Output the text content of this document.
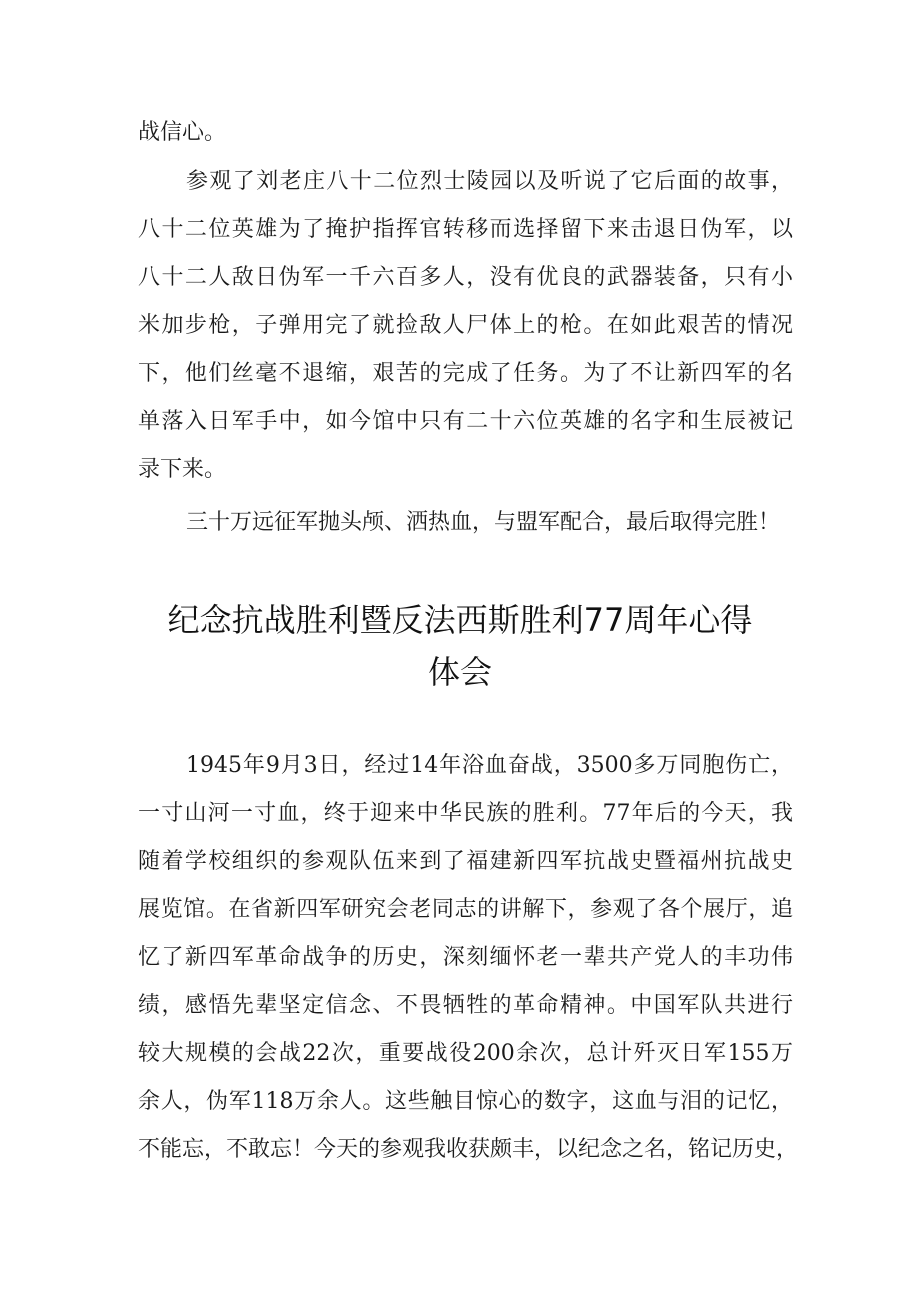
战信心。
参观了刘老庄八十二位烈士陵园以及听说了它后面的故事，
八十二位英雄为了掩护指挥官转移而选择留下来击退日伪军，以
八十二人敌日伪军一千六百多人，没有优良的武器装备，只有小
米加步枪，子弹用完了就捡敌人尸体上的枪。在如此艰苦的情况
下，他们丝毫不退缩，艰苦的完成了任务。为了不让新四军的名
单落入日军手中，如今馆中只有二十六位英雄的名字和生辰被记
录下来。
三十万远征军抛头颅、洒热血，与盟军配合，最后取得完胜！
纪念抗战胜利暨反法西斯胜利77周年心得
体会
1945年9月3日，经过14年浴血奋战，3500多万同胞伤亡，
一寸山河一寸血，终于迎来中华民族的胜利。77年后的今天，我
随着学校组织的参观队伍来到了福建新四军抗战史暨福州抗战史
展览馆。在省新四军研究会老同志的讲解下，参观了各个展厅，追
忆了新四军革命战争的历史，深刻缅怀老一辈共产党人的丰功伟
绩，感悟先辈坚定信念、不畏牺牲的革命精神。中国军队共进行
较大规模的会战22次，重要战役200余次，总计歼灭日军155万
余人，伪军118万余人。这些触目惊心的数字，这血与泪的记忆，
不能忘，不敢忘！今天的参观我收获颇丰，以纪念之名，铭记历史，
